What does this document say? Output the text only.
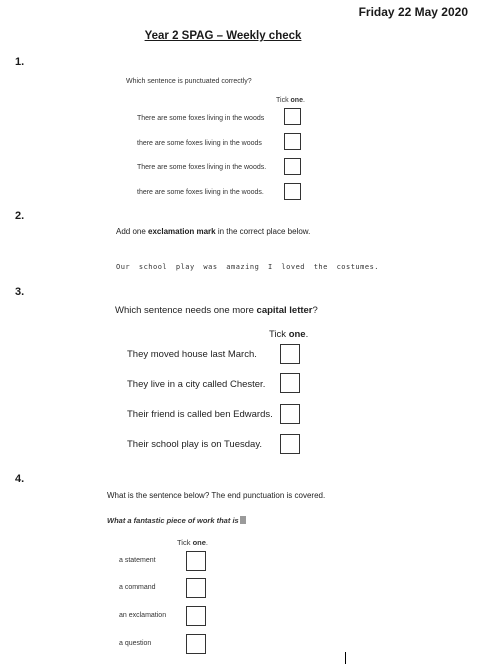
Friday 22 May 2020
Year 2 SPAG – Weekly check
1.
Which sentence is punctuated correctly?
Tick one.
There are some foxes living in the woods
there are some foxes living in the woods
There are some foxes living in the woods.
there are some foxes living in the woods.
2.
Add one exclamation mark in the correct place below.
Our school play was amazing I loved the costumes.
3.
Which sentence needs one more capital letter?
Tick one.
They moved house last March.
They live in a city called Chester.
Their friend is called ben Edwards.
Their school play is on Tuesday.
4.
What is the sentence below? The end punctuation is covered.
What a fantastic piece of work that is
Tick one.
a statement
a command
an exclamation
a question
